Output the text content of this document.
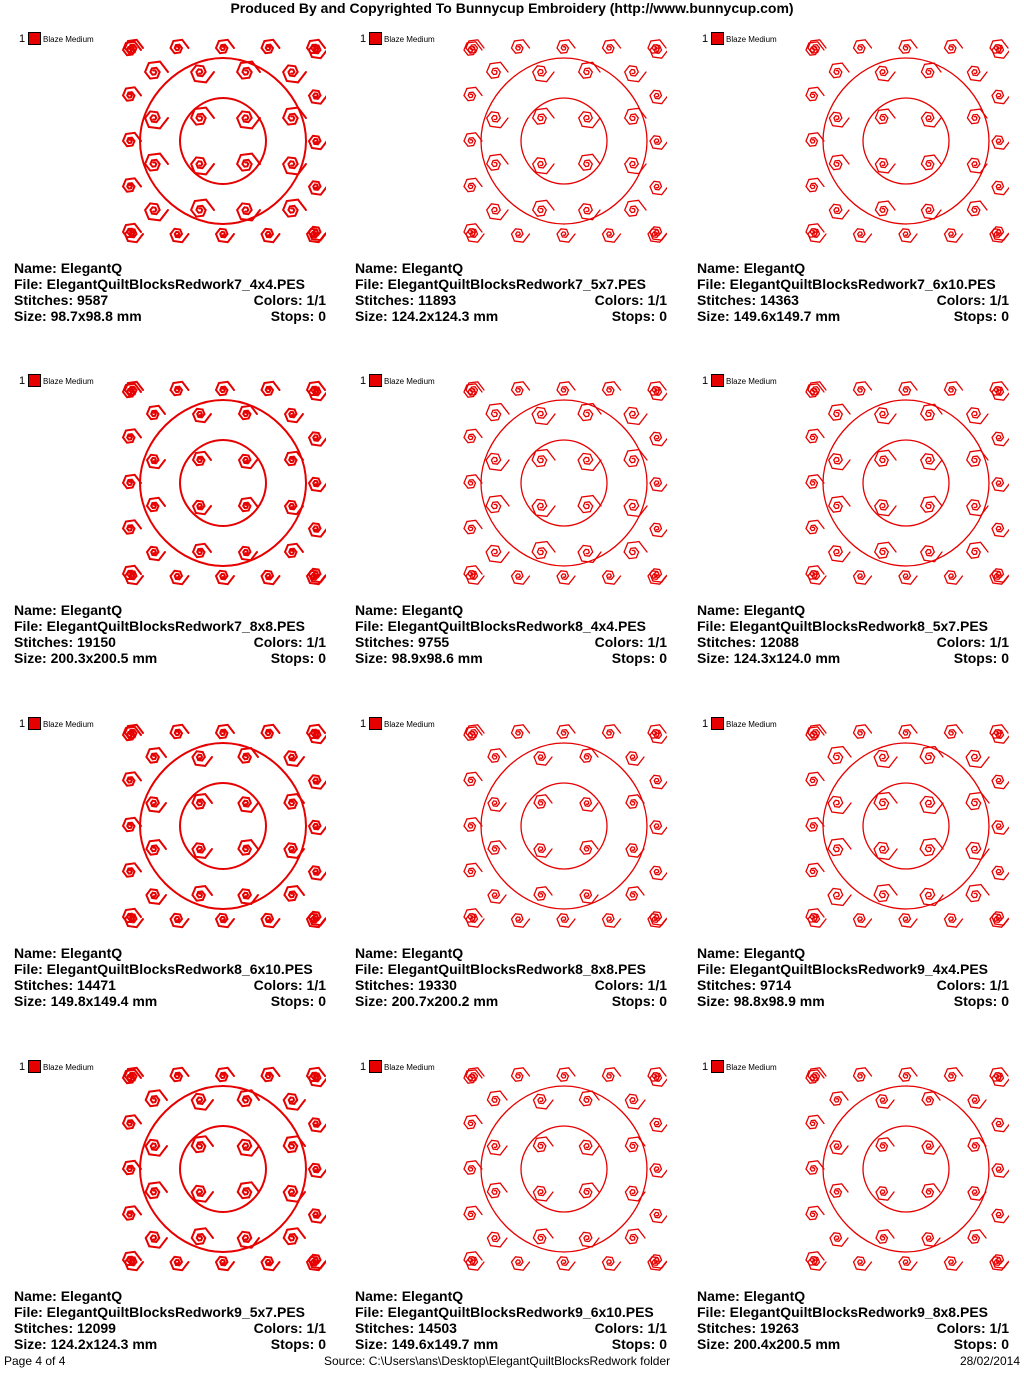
Produced By and Copyrighted To Bunnycup Embroidery (http://www.bunnycup.com)
1 Blaze Medium
Name: ElegantQ
File: ElegantQuiltBlocksRedwork7_4x4.PES
Stitches: 9587	Colors: 1/1
Size: 98.7x98.8 mm	Stops: 0
1 Blaze Medium
Name: ElegantQ
File: ElegantQuiltBlocksRedwork7_5x7.PES
Stitches: 11893	Colors: 1/1
Size: 124.2x124.3 mm	Stops: 0
1 Blaze Medium
Name: ElegantQ
File: ElegantQuiltBlocksRedwork7_6x10.PES
Stitches: 14363	Colors: 1/1
Size: 149.6x149.7 mm	Stops: 0
1 Blaze Medium
Name: ElegantQ
File: ElegantQuiltBlocksRedwork7_8x8.PES
Stitches: 19150	Colors: 1/1
Size: 200.3x200.5 mm	Stops: 0
1 Blaze Medium
Name: ElegantQ
File: ElegantQuiltBlocksRedwork8_4x4.PES
Stitches: 9755	Colors: 1/1
Size: 98.9x98.6 mm	Stops: 0
1 Blaze Medium
Name: ElegantQ
File: ElegantQuiltBlocksRedwork8_5x7.PES
Stitches: 12088	Colors: 1/1
Size: 124.3x124.0 mm	Stops: 0
1 Blaze Medium
Name: ElegantQ
File: ElegantQuiltBlocksRedwork8_6x10.PES
Stitches: 14471	Colors: 1/1
Size: 149.8x149.4 mm	Stops: 0
1 Blaze Medium
Name: ElegantQ
File: ElegantQuiltBlocksRedwork8_8x8.PES
Stitches: 19330	Colors: 1/1
Size: 200.7x200.2 mm	Stops: 0
1 Blaze Medium
Name: ElegantQ
File: ElegantQuiltBlocksRedwork9_4x4.PES
Stitches: 9714	Colors: 1/1
Size: 98.8x98.9 mm	Stops: 0
1 Blaze Medium
Name: ElegantQ
File: ElegantQuiltBlocksRedwork9_5x7.PES
Stitches: 12099	Colors: 1/1
Size: 124.2x124.3 mm	Stops: 0
1 Blaze Medium
Name: ElegantQ
File: ElegantQuiltBlocksRedwork9_6x10.PES
Stitches: 14503	Colors: 1/1
Size: 149.6x149.7 mm	Stops: 0
1 Blaze Medium
Name: ElegantQ
File: ElegantQuiltBlocksRedwork9_8x8.PES
Stitches: 19263	Colors: 1/1
Size: 200.4x200.5 mm	Stops: 0
Page 4 of 4	Source: C:\Users\ans\Desktop\ElegantQuiltBlocksRedwork folder	28/02/2014
